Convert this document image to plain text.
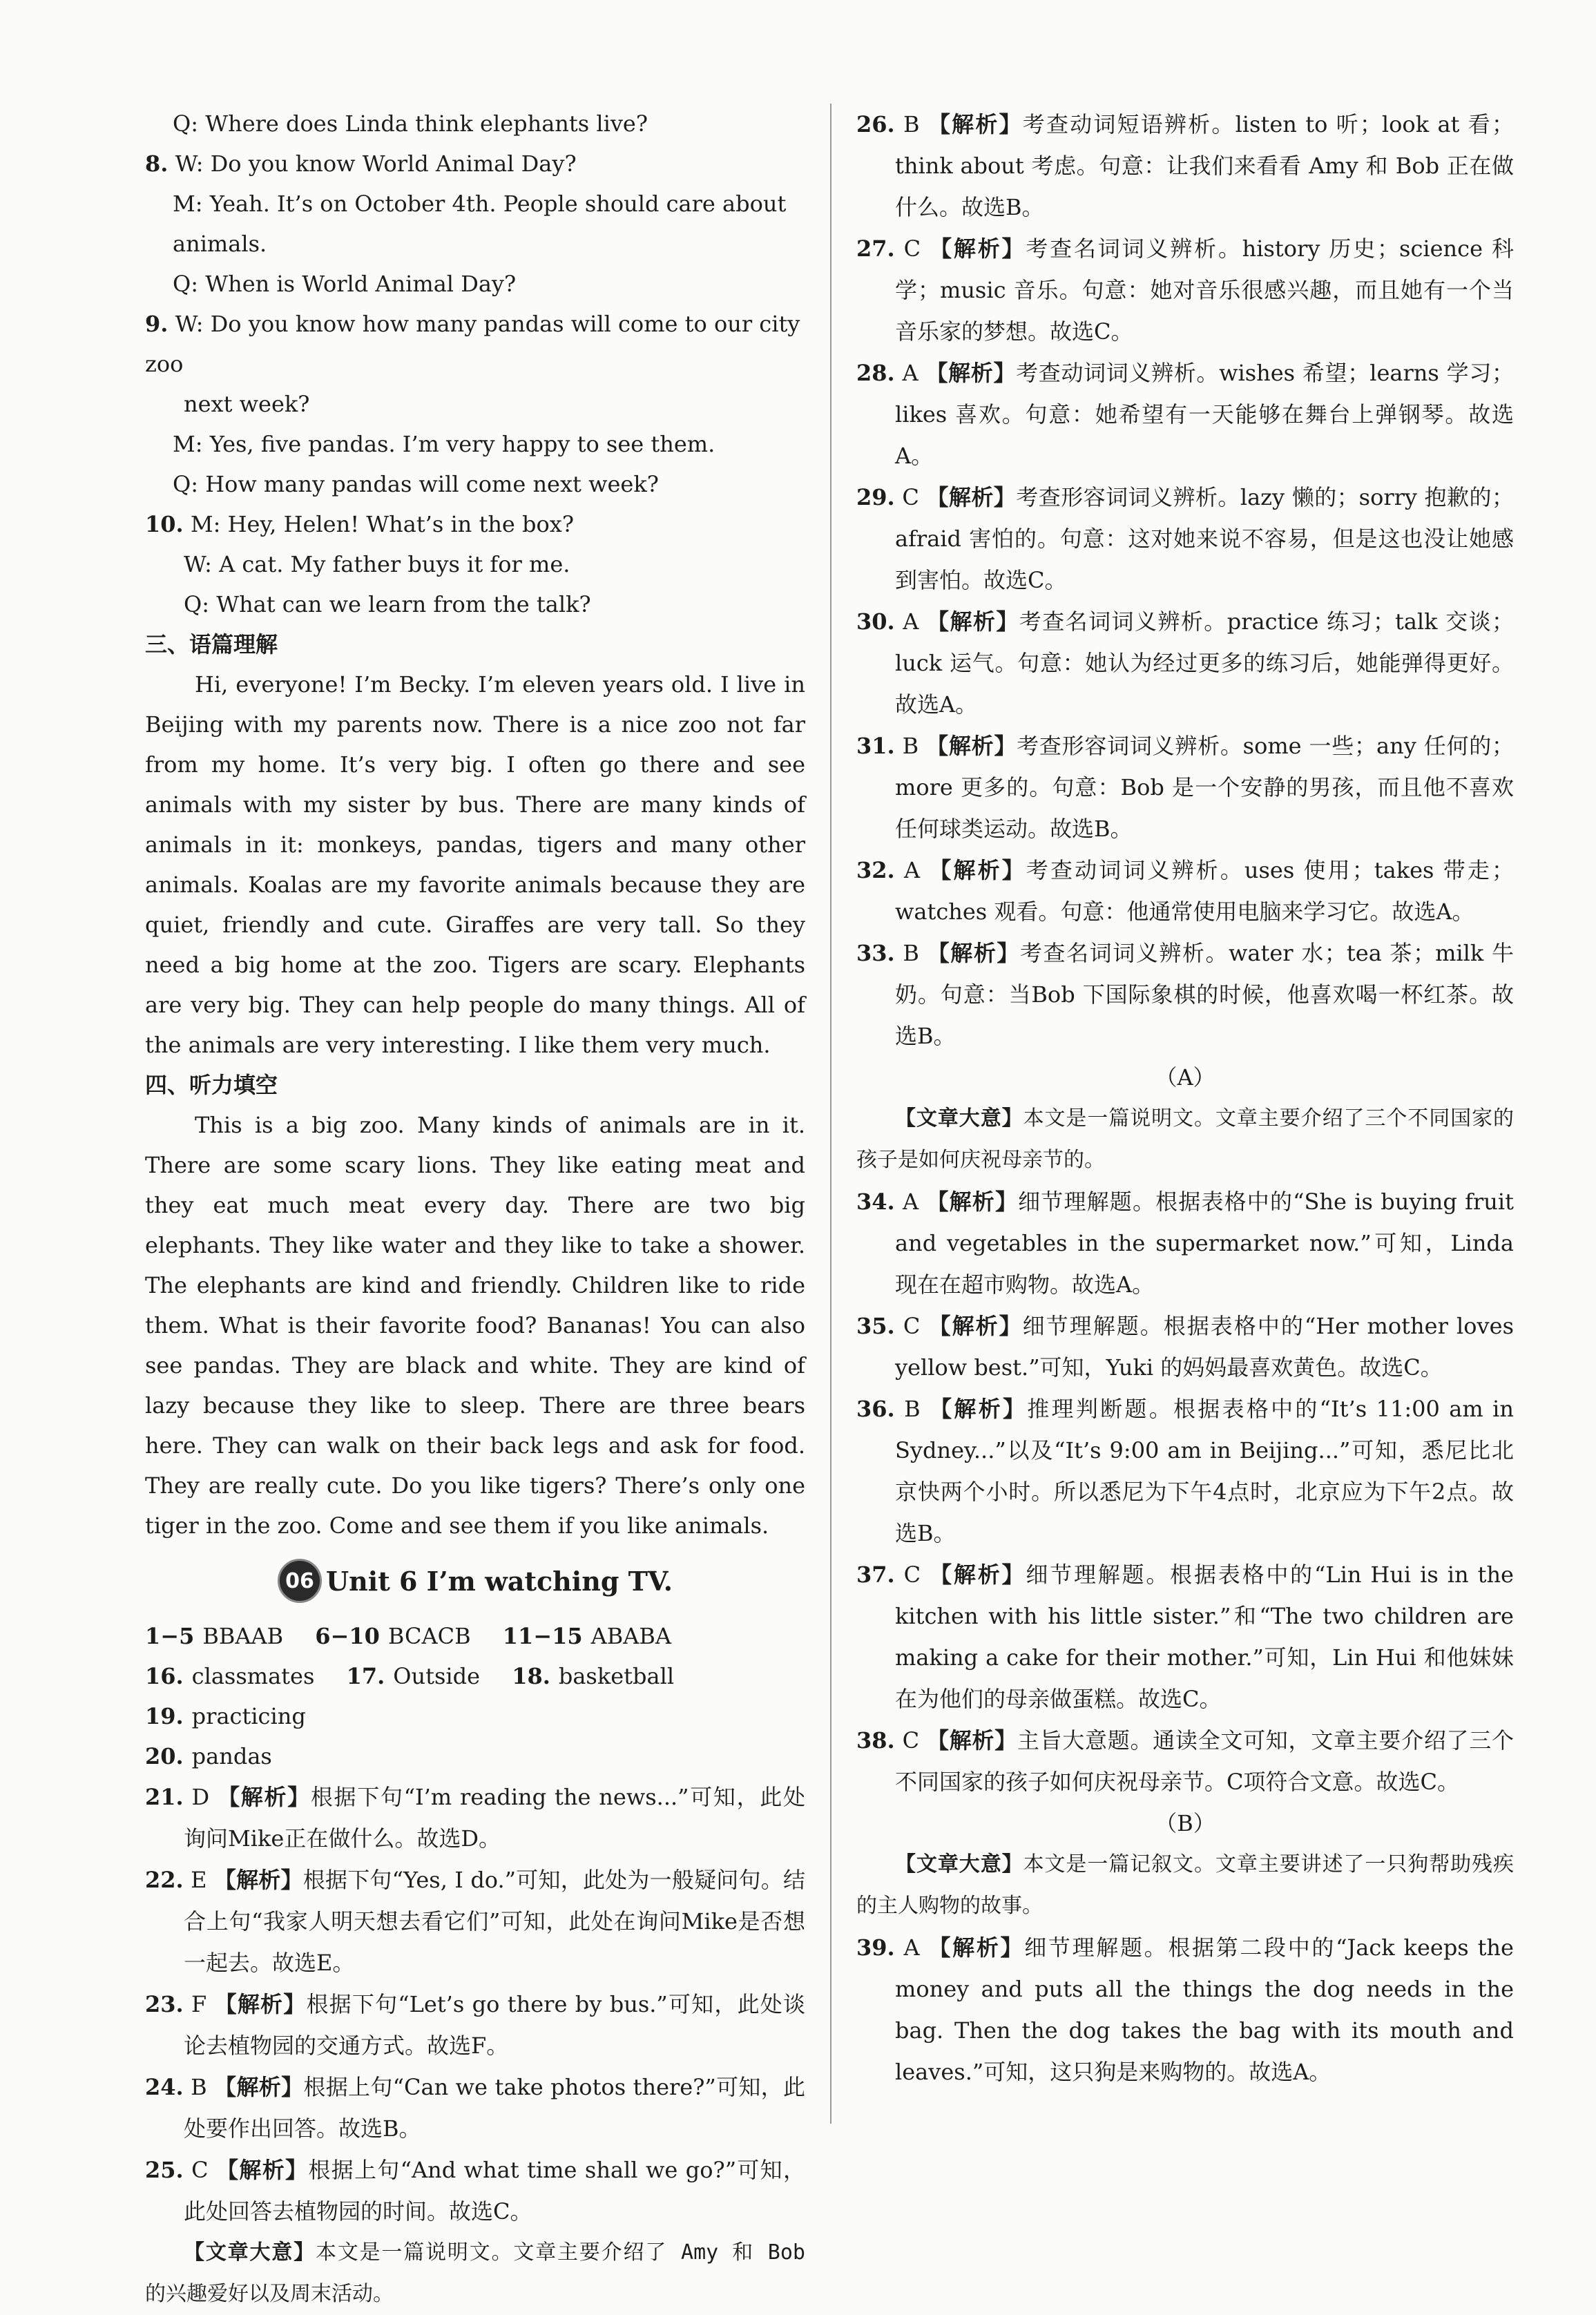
Q: Where does Linda think elephants live?
8. W: Do you know World Animal Day?
M: Yeah. It’s on October 4th. People should care about animals.
Q: When is World Animal Day?
9. W: Do you know how many pandas will come to our city zoo
next week?
M: Yes, five pandas. I’m very happy to see them.
Q: How many pandas will come next week?
10. M: Hey, Helen! What’s in the box?
W: A cat. My father buys it for me.
Q: What can we learn from the talk?
三、语篇理解
Hi, everyone! I’m Becky. I’m eleven years old. I live in Beijing with my parents now. There is a nice zoo not far from my home. It’s very big. I often go there and see animals with my sister by bus. There are many kinds of animals in it: monkeys, pandas, tigers and many other animals. Koalas are my favorite animals because they are quiet, friendly and cute. Giraffes are very tall. So they need a big home at the zoo. Tigers are scary. Elephants are very big. They can help people do many things. All of the animals are very interesting. I like them very much.
四、听力填空
This is a big zoo. Many kinds of animals are in it. There are some scary lions. They like eating meat and they eat much meat every day. There are two big elephants. They like water and they like to take a shower. The elephants are kind and friendly. Children like to ride them. What is their favorite food? Bananas! You can also see pandas. They are black and white. They are kind of lazy because they like to sleep. There are three bears here. They can walk on their back legs and ask for food. They are really cute. Do you like tigers? There’s only one tiger in the zoo. Come and see them if you like animals.
06 Unit 6 I’m watching TV.
1−5 BBAAB 6−10 BCACB 11−15 ABABA
16. classmates 17. Outside 18. basketball 19. practicing
20. pandas
21. D 【解析】根据下句“I’m reading the news...”可知，此处询问Mike正在做什么。故选D。
22. E 【解析】根据下句“Yes, I do.”可知，此处为一般疑问句。结合上句“我家人明天想去看它们”可知，此处在询问Mike是否想一起去。故选E。
23. F 【解析】根据下句“Let’s go there by bus.”可知，此处谈论去植物园的交通方式。故选F。
24. B 【解析】根据上句“Can we take photos there?”可知，此处要作出回答。故选B。
25. C 【解析】根据上句“And what time shall we go?”可知，此处回答去植物园的时间。故选C。
【文章大意】本文是一篇说明文。文章主要介绍了 Amy 和 Bob 的兴趣爱好以及周末活动。
26. B 【解析】考查动词短语辨析。listen to 听；look at 看；think about 考虑。句意：让我们来看看 Amy 和 Bob 正在做什么。故选B。
27. C 【解析】考查名词词义辨析。history 历史；science 科学；music 音乐。句意：她对音乐很感兴趣，而且她有一个当音乐家的梦想。故选C。
28. A 【解析】考查动词词义辨析。wishes 希望；learns 学习；likes 喜欢。句意：她希望有一天能够在舞台上弹钢琴。故选A。
29. C 【解析】考查形容词词义辨析。lazy 懒的；sorry 抱歉的；afraid 害怕的。句意：这对她来说不容易，但是这也没让她感到害怕。故选C。
30. A 【解析】考查名词词义辨析。practice 练习；talk 交谈；luck 运气。句意：她认为经过更多的练习后，她能弹得更好。故选A。
31. B 【解析】考查形容词词义辨析。some 一些；any 任何的；more 更多的。句意：Bob 是一个安静的男孩，而且他不喜欢任何球类运动。故选B。
32. A 【解析】考查动词词义辨析。uses 使用；takes 带走；watches 观看。句意：他通常使用电脑来学习它。故选A。
33. B 【解析】考查名词词义辨析。water 水；tea 茶；milk 牛奶。句意：当Bob 下国际象棋的时候，他喜欢喝一杯红茶。故选B。
（A）
【文章大意】本文是一篇说明文。文章主要介绍了三个不同国家的孩子是如何庆祝母亲节的。
34. A 【解析】细节理解题。根据表格中的“She is buying fruit and vegetables in the supermarket now.”可知，Linda 现在在超市购物。故选A。
35. C 【解析】细节理解题。根据表格中的“Her mother loves yellow best.”可知，Yuki 的妈妈最喜欢黄色。故选C。
36. B 【解析】推理判断题。根据表格中的“It’s 11:00 am in Sydney...”以及“It’s 9:00 am in Beijing...”可知，悉尼比北京快两个小时。所以悉尼为下午4点时，北京应为下午2点。故选B。
37. C 【解析】细节理解题。根据表格中的“Lin Hui is in the kitchen with his little sister.”和“The two children are making a cake for their mother.”可知，Lin Hui 和他妹妹在为他们的母亲做蛋糕。故选C。
38. C 【解析】主旨大意题。通读全文可知，文章主要介绍了三个不同国家的孩子如何庆祝母亲节。C项符合文意。故选C。
（B）
【文章大意】本文是一篇记叙文。文章主要讲述了一只狗帮助残疾的主人购物的故事。
39. A 【解析】细节理解题。根据第二段中的“Jack keeps the money and puts all the things the dog needs in the bag. Then the dog takes the bag with its mouth and leaves.”可知，这只狗是来购物的。故选A。
